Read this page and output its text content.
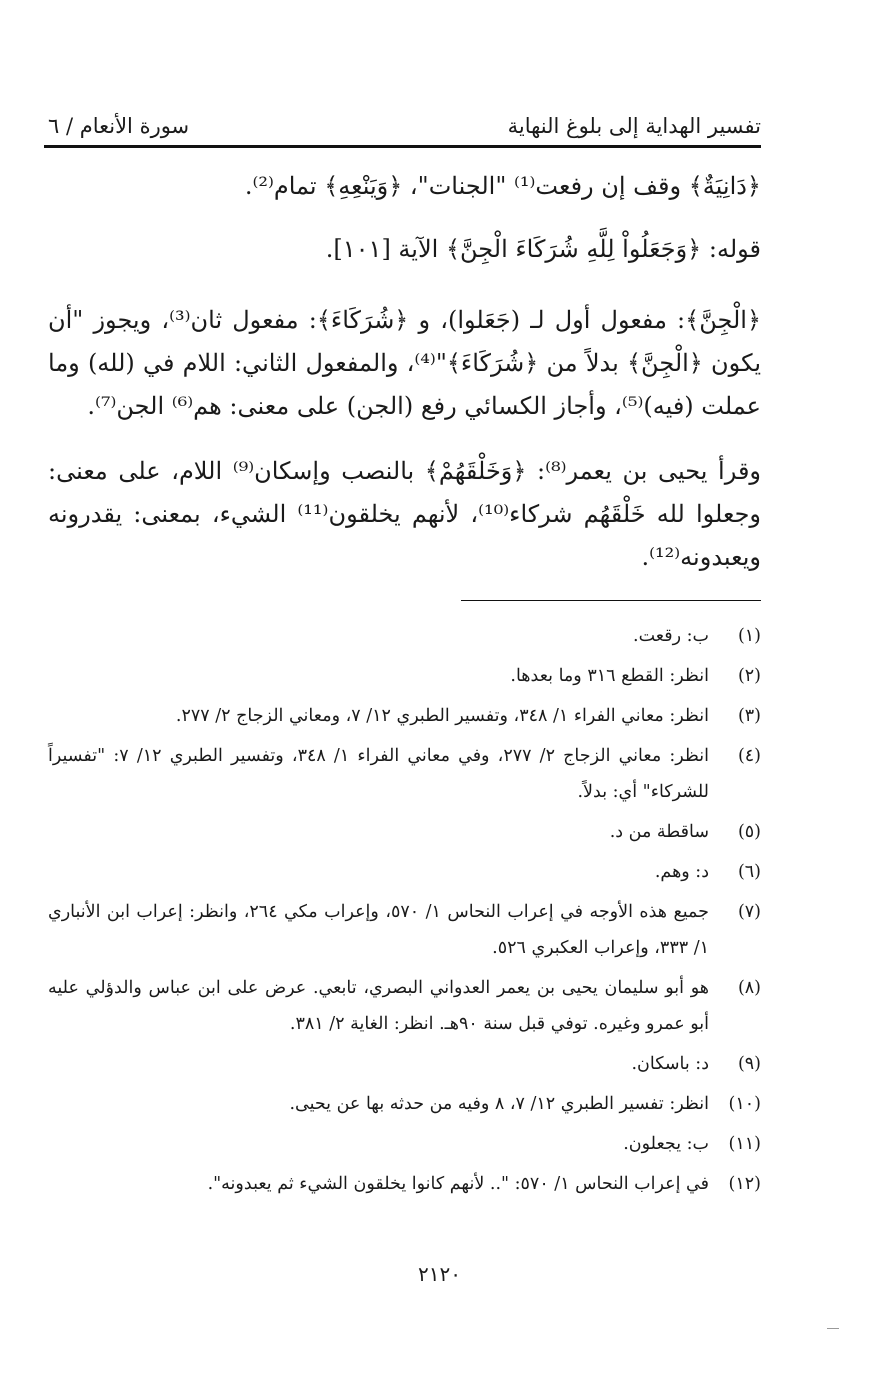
تفسير الهداية إلى بلوغ النهاية
سورة الأنعام / ٦

﴿دَانِيَةٌ﴾ وقف إن رفعت⁽¹⁾ "الجنات"، ﴿وَيَنْعِهِ﴾ تمام⁽²⁾.

قوله: ﴿وَجَعَلُواْ لِلَّهِ شُرَكَاءَ الْجِنَّ﴾ الآية [١٠١].

﴿الْجِنَّ﴾: مفعول أول لـ (جَعَلوا)، و ﴿شُرَكَاءَ﴾: مفعول ثان⁽³⁾، ويجوز "أن يكون ﴿الْجِنَّ﴾ بدلاً من ﴿شُرَكَاءَ﴾"⁽⁴⁾، والمفعول الثاني: اللام في (لله) وما عملت (فيه)⁽⁵⁾، وأجاز الكسائي رفع (الجن) على معنى: هم⁽⁶⁾ الجن⁽⁷⁾.

وقرأ يحيى بن يعمر⁽⁸⁾: ﴿وَخَلْقَهُمْ﴾ بالنصب وإسكان⁽⁹⁾ اللام، على معنى: وجعلوا لله خَلْقَهُم شركاء⁽¹⁰⁾، لأنهم يخلقون⁽¹¹⁾ الشيء، بمعنى: يقدرونه ويعبدونه⁽¹²⁾.

(١)
ب: رقعت.
(٢)
انظر: القطع ٣١٦ وما بعدها.
(٣)
انظر: معاني الفراء ١/ ٣٤٨، وتفسير الطبري ١٢/ ٧، ومعاني الزجاج ٢/ ٢٧٧.
(٤)
انظر: معاني الزجاج ٢/ ٢٧٧، وفي معاني الفراء ١/ ٣٤٨، وتفسير الطبري ١٢/ ٧: "تفسيراً للشركاء" أي: بدلاً.
(٥)
ساقطة من د.
(٦)
د: وهم.
(٧)
جميع هذه الأوجه في إعراب النحاس ١/ ٥٧٠، وإعراب مكي ٢٦٤، وانظر: إعراب ابن الأنباري ١/ ٣٣٣، وإعراب العكبري ٥٢٦.
(٨)
هو أبو سليمان يحيى بن يعمر العدواني البصري، تابعي. عرض على ابن عباس والدؤلي عليه أبو عمرو وغيره. توفي قبل سنة ٩٠هـ. انظر: الغاية ٢/ ٣٨١.
(٩)
د: باسكان.
(١٠)
انظر: تفسير الطبري ١٢/ ٧، ٨ وفيه من حدثه بها عن يحيى.
(١١)
ب: يجعلون.
(١٢)
في إعراب النحاس ١/ ٥٧٠: ".. لأنهم كانوا يخلقون الشيء ثم يعبدونه".
٢١٢٠
